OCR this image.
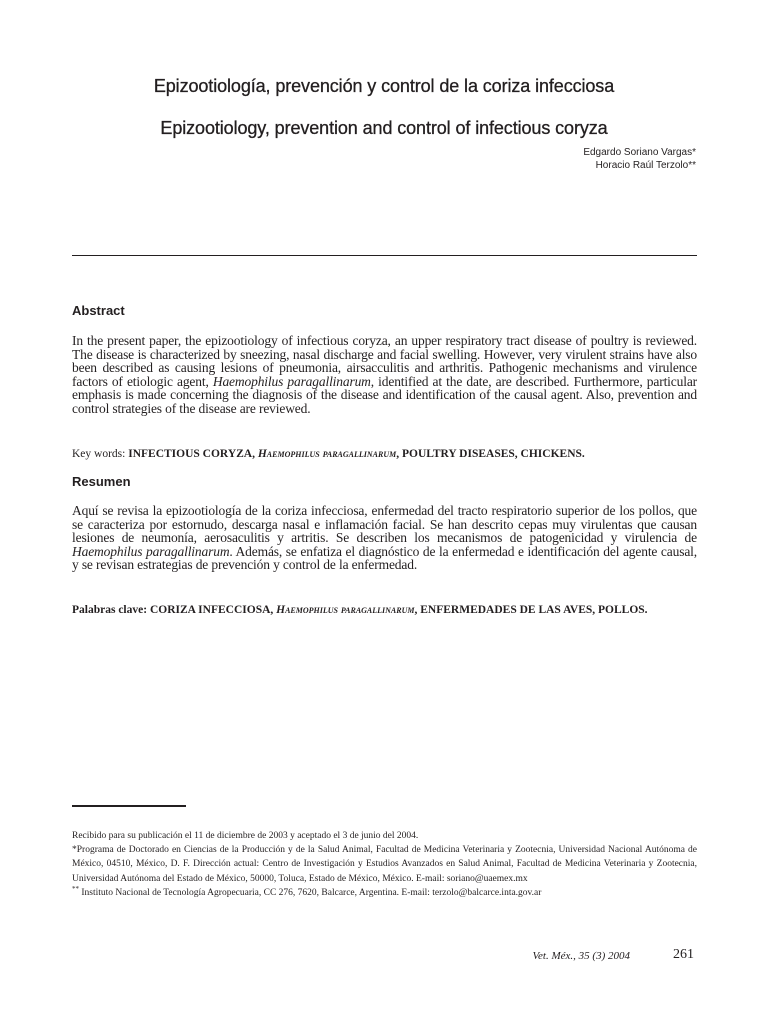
Epizootiología, prevención y control de la coriza infecciosa
Epizootiology, prevention and control of infectious coryza
Edgardo Soriano Vargas*
Horacio Raúl Terzolo**
Abstract

In the present paper, the epizootiology of infectious coryza, an upper respiratory tract disease of poultry is reviewed. The disease is characterized by sneezing, nasal discharge and facial swelling. However, very virulent strains have also been described as causing lesions of pneumonia, airsacculitis and arthritis. Pathogenic mechanisms and virulence factors of etiologic agent, Haemophilus paragallinarum, identified at the date, are described. Furthermore, particular emphasis is made concerning the diagnosis of the disease and identification of the causal agent. Also, prevention and control strategies of the disease are reviewed.

Key words: INFECTIOUS CORYZA, Haemophilus paragallinarum, POULTRY DISEASES, CHICKENS.

Resumen

Aquí se revisa la epizootiología de la coriza infecciosa, enfermedad del tracto respiratorio superior de los pollos, que se caracteriza por estornudo, descarga nasal e inflamación facial. Se han descrito cepas muy virulentas que causan lesiones de neumonía, aerosaculitis y artritis. Se describen los mecanismos de patogenicidad y virulencia de Haemophilus paragallinarum. Además, se enfatiza el diagnóstico de la enfermedad e identificación del agente causal, y se revisan estrategias de prevención y control de la enfermedad.

Palabras clave: CORIZA INFECCIOSA, Haemophilus paragallinarum, ENFERMEDADES DE LAS AVES, POLLOS.

Recibido para su publicación el 11 de diciembre de 2003 y aceptado el 3 de junio del 2004.

*Programa de Doctorado en Ciencias de la Producción y de la Salud Animal, Facultad de Medicina Veterinaria y Zootecnia, Universidad Nacional Autónoma de México, 04510, México, D. F. Dirección actual: Centro de Investigación y Estudios Avanzados en Salud Animal, Facultad de Medicina Veterinaria y Zootecnia, Universidad Autónoma del Estado de México, 50000, Toluca, Estado de México, México. E-mail: soriano@uaemex.mx

** Instituto Nacional de Tecnología Agropecuaria, CC 276, 7620, Balcarce, Argentina. E-mail: terzolo@balcarce.inta.gov.ar

Vet. Méx., 35 (3) 2004	261
